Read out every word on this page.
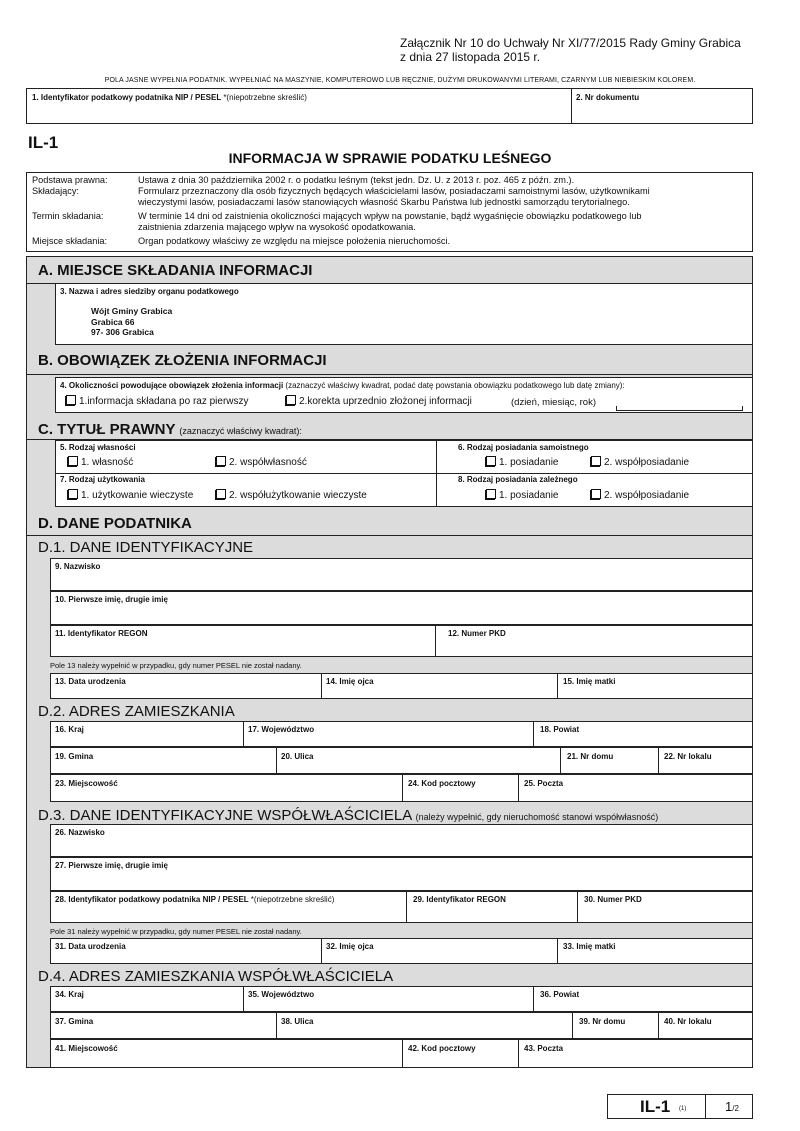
Załącznik Nr 10 do Uchwały Nr XI/77/2015 Rady Gminy Grabica
z dnia 27 listopada 2015 r.
POLA JASNE WYPEŁNIA PODATNIK. WYPEŁNIAĆ NA MASZYNIE, KOMPUTEROWO LUB RĘCZNIE, DUŻYMI DRUKOWANYMI LITERAMI, CZARNYM LUB NIEBIESKIM KOLOREM.
1. Identyfikator podatkowy podatnika NIP / PESEL *(niepotrzebne skreślić)	2. Nr dokumentu
IL-1
INFORMACJA W SPRAWIE PODATKU LEŚNEGO
Podstawa prawna:	Ustawa z dnia 30 października 2002 r. o podatku leśnym (tekst jedn. Dz. U. z 2013 r. poz. 465 z późn. zm.).
Składający:	Formularz przeznaczony dla osób fizycznych będących właścicielami lasów, posiadaczami samoistnymi lasów, użytkownikami
wieczystymi lasów, posiadaczami lasów stanowiących własność Skarbu Państwa lub jednostki samorządu terytorialnego.
Termin składania:	W terminie 14 dni od zaistnienia okoliczności mających wpływ na powstanie, bądź wygaśnięcie obowiązku podatkowego lub
zaistnienia zdarzenia mającego wpływ na wysokość opodatkowania.
Miejsce składania:	Organ podatkowy właściwy ze względu na miejsce położenia nieruchomości.
A. MIEJSCE SKŁADANIA INFORMACJI
3. Nazwa i adres siedziby organu podatkowego
Wójt Gminy Grabica
Grabica 66
97- 306 Grabica
B. OBOWIĄZEK ZŁOŻENIA INFORMACJI
4. Okoliczności powodujące obowiązek złożenia informacji (zaznaczyć właściwy kwadrat, podać datę powstania obowiązku podatkowego lub datę zmiany):
1.informacja składana po raz pierwszy	2.korekta uprzednio złożonej informacji	(dzień, miesiąc, rok)
C. TYTUŁ PRAWNY (zaznaczyć właściwy kwadrat):
5. Rodzaj własności
1. własność	2. współwłasność
6. Rodzaj posiadania samoistnego
1. posiadanie	2. współposiadanie
7. Rodzaj użytkowania
1. użytkowanie wieczyste	2. współużytkowanie wieczyste
8. Rodzaj posiadania zależnego
1. posiadanie	2. współposiadanie
D. DANE PODATNIKA
D.1. DANE IDENTYFIKACYJNE
9. Nazwisko
10. Pierwsze imię, drugie imię
11. Identyfikator REGON	12. Numer PKD
Pole 13 należy wypełnić w przypadku, gdy numer PESEL nie został nadany.
13. Data urodzenia	14. Imię ojca	15. Imię matki
D.2. ADRES ZAMIESZKANIA
16. Kraj	17. Województwo	18. Powiat
19. Gmina	20. Ulica	21. Nr domu	22. Nr lokalu
23. Miejscowość	24. Kod pocztowy	25. Poczta
D.3. DANE IDENTYFIKACYJNE WSPÓŁWŁAŚCICIELA (należy wypełnić, gdy nieruchomość stanowi współwłasność)
26. Nazwisko
27. Pierwsze imię, drugie imię
28. Identyfikator podatkowy podatnika NIP / PESEL *(niepotrzebne skreślić)	29. Identyfikator REGON	30. Numer PKD
Pole 31 należy wypełnić w przypadku, gdy numer PESEL nie został nadany.
31. Data urodzenia	32. Imię ojca	33. Imię matki
D.4. ADRES ZAMIESZKANIA WSPÓŁWŁAŚCICIELA
34. Kraj	35. Województwo	36. Powiat
37. Gmina	38. Ulica	39. Nr domu	40. Nr lokalu
41. Miejscowość	42. Kod pocztowy	43. Poczta
IL-1 (1)	1/2
